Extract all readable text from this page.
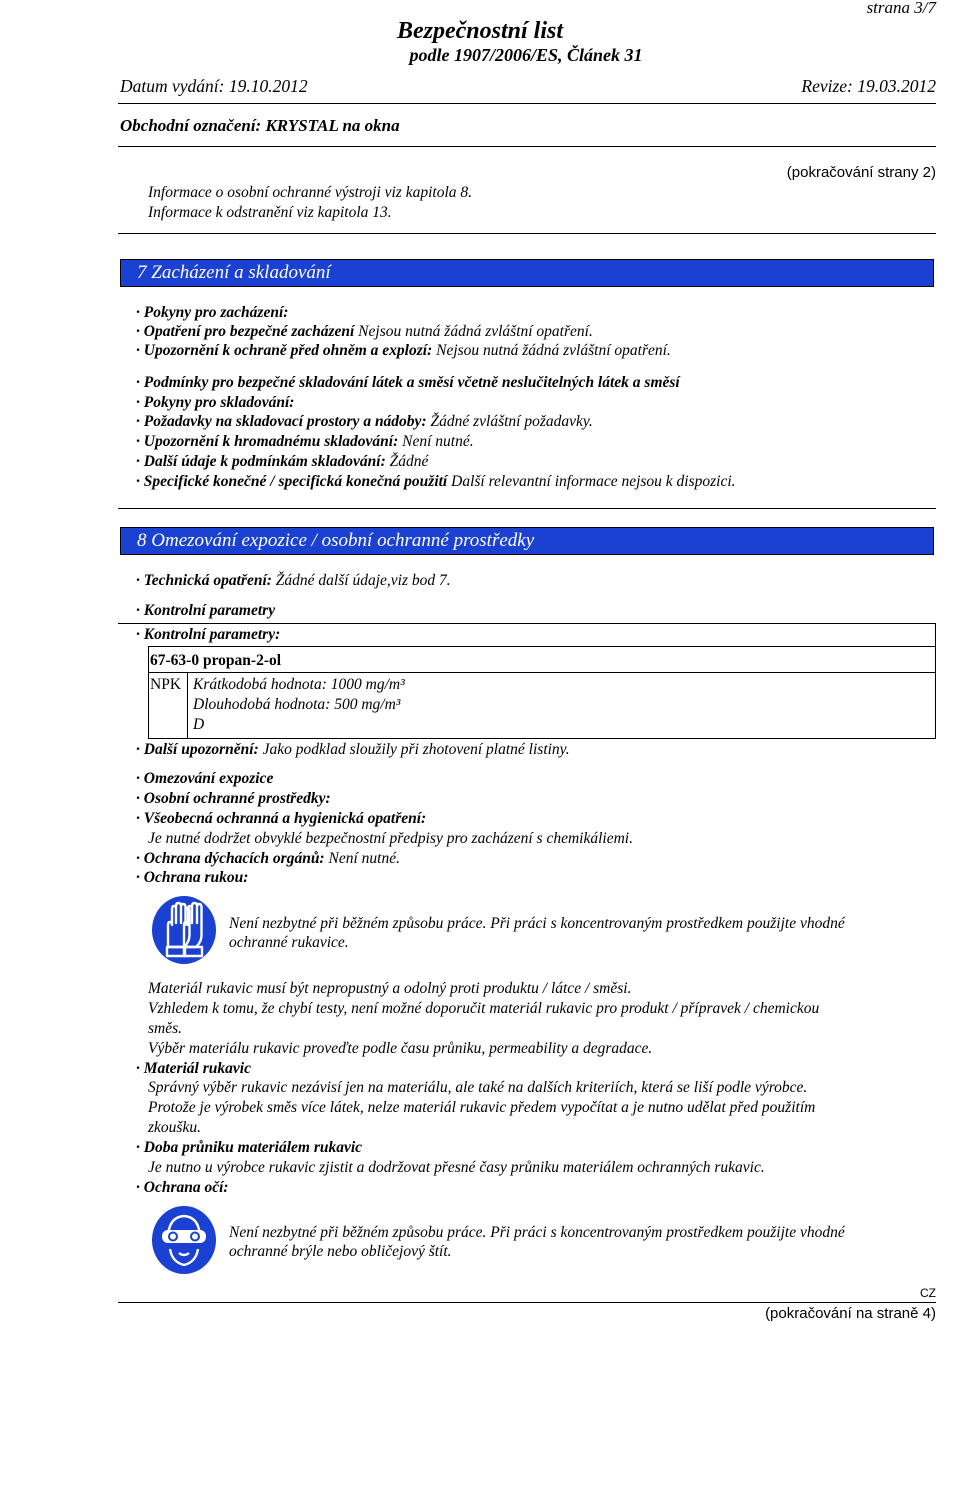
strana 3/7
Bezpečnostní list
podle 1907/2006/ES, Článek 31
Datum vydání: 19.10.2012	Revize: 19.03.2012
Obchodní označení: KRYSTAL na okna
(pokračování strany 2)
Informace o osobní ochranné výstroji viz kapitola 8.
Informace k odstranění viz kapitola 13.
7 Zacházení a skladování
· Pokyny pro zacházení:
· Opatření pro bezpečné zacházení Nejsou nutná žádná zvláštní opatření.
· Upozornění k ochraně před ohněm a explozí: Nejsou nutná žádná zvláštní opatření.
· Podmínky pro bezpečné skladování látek a směsí včetně neslučitelných látek a směsí
· Pokyny pro skladování:
· Požadavky na skladovací prostory a nádoby: Žádné zvláštní požadavky.
· Upozornění k hromadnému skladování: Není nutné.
· Další údaje k podmínkám skladování: Žádné
· Specifické konečné / specifická konečná použití Další relevantní informace nejsou k dispozici.
8 Omezování expozice / osobní ochranné prostředky
· Technická opatření: Žádné další údaje,viz bod 7.
· Kontrolní parametry
· Kontrolní parametry:
67-63-0 propan-2-ol
NPK Krátkodobá hodnota: 1000 mg/m³
Dlouhodobá hodnota: 500 mg/m³
D
· Další upozornění: Jako podklad sloužily při zhotovení platné listiny.
· Omezování expozice
· Osobní ochranné prostředky:
· Všeobecná ochranná a hygienická opatření:
Je nutné dodržet obvyklé bezpečnostní předpisy pro zacházení s chemikáliemi.
· Ochrana dýchacích orgánů: Není nutné.
· Ochrana rukou:
Není nezbytné při běžném způsobu práce. Při práci s koncentrovaným prostředkem použijte vhodné
ochranné rukavice.
Materiál rukavic musí být nepropustný a odolný proti produktu / látce / směsi.
Vzhledem k tomu, že chybí testy, není možné doporučit materiál rukavic pro produkt / přípravek / chemickou
směs.
Výběr materiálu rukavic proveďte podle času průniku, permeability a degradace.
· Materiál rukavic
Správný výběr rukavic nezávisí jen na materiálu, ale také na dalších kriteriích, která se liší podle výrobce.
Protože je výrobek směs více látek, nelze materiál rukavic předem vypočítat a je nutno udělat před použitím
zkoušku.
· Doba průniku materiálem rukavic
Je nutno u výrobce rukavic zjistit a dodržovat přesné časy průniku materiálem ochranných rukavic.
· Ochrana očí:
Není nezbytné při běžném způsobu práce. Při práci s koncentrovaným prostředkem použijte vhodné
ochranné brýle nebo obličejový štít.
CZ
(pokračování na straně 4)
